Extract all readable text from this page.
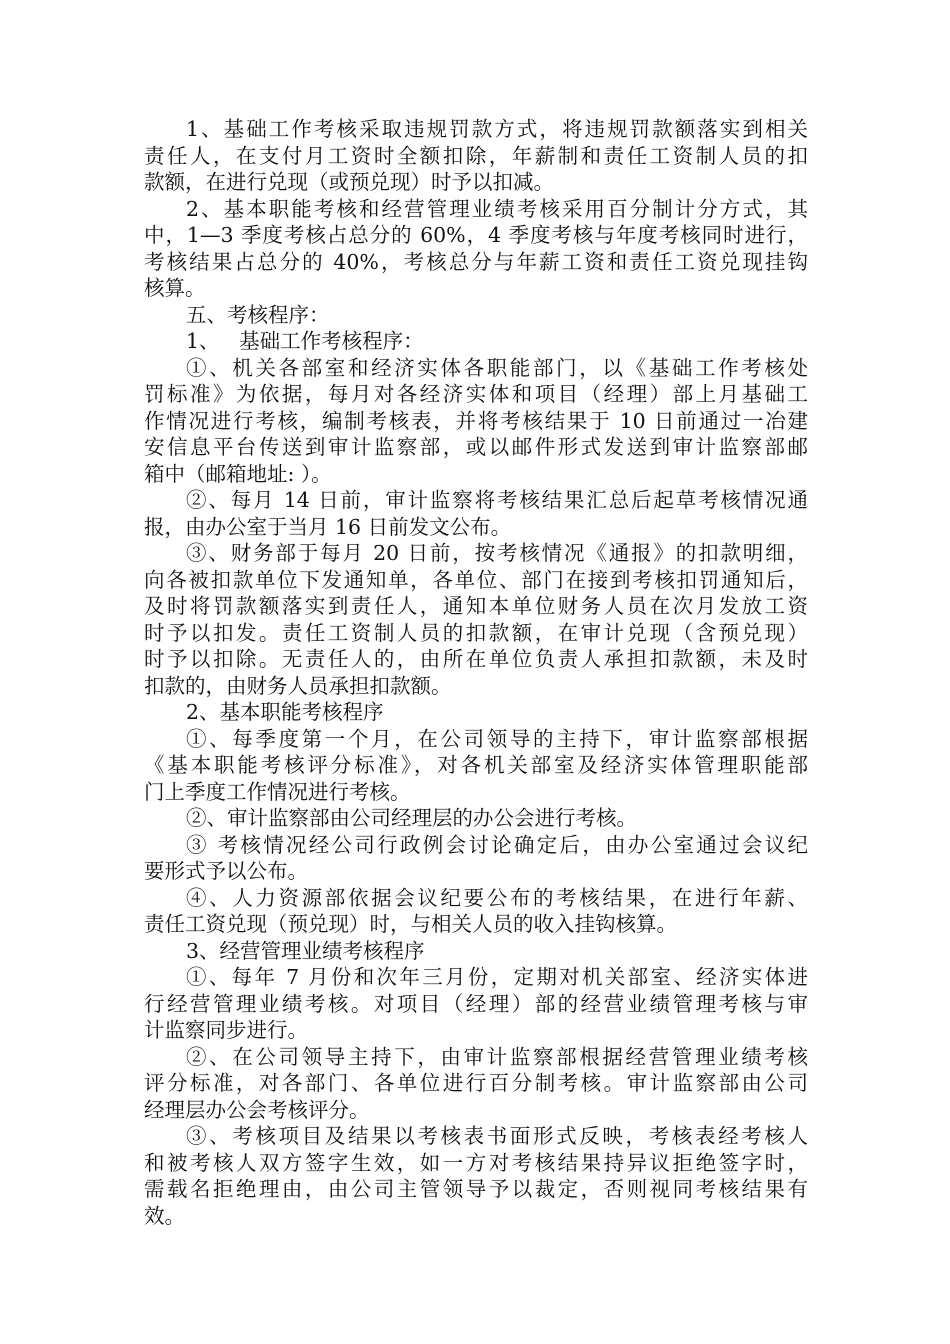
1、基础工作考核采取违规罚款方式，将违规罚款额落实到相关
责任人，在支付月工资时全额扣除，年薪制和责任工资制人员的扣
款额，在进行兑现（或预兑现）时予以扣减。
2、基本职能考核和经营管理业绩考核采用百分制计分方式，其
中，1—3 季度考核占总分的 60%，4 季度考核与年度考核同时进行，
考核结果占总分的 40%，考核总分与年薪工资和责任工资兑现挂钩
核算。
五、考核程序：
1、   基础工作考核程序：
①、机关各部室和经济实体各职能部门，以《基础工作考核处
罚标准》为依据，每月对各经济实体和项目（经理）部上月基础工
作情况进行考核，编制考核表，并将考核结果于 10 日前通过一冶建
安信息平台传送到审计监察部，或以邮件形式发送到审计监察部邮
箱中（邮箱地址: ）。
②、每月 14 日前，审计监察将考核结果汇总后起草考核情况通
报，由办公室于当月 16 日前发文公布。
③、财务部于每月 20 日前，按考核情况《通报》的扣款明细，
向各被扣款单位下发通知单，各单位、部门在接到考核扣罚通知后，
及时将罚款额落实到责任人，通知本单位财务人员在次月发放工资
时予以扣发。责任工资制人员的扣款额，在审计兑现（含预兑现）
时予以扣除。无责任人的，由所在单位负责人承担扣款额，未及时
扣款的，由财务人员承担扣款额。
2、基本职能考核程序
①、每季度第一个月，在公司领导的主持下，审计监察部根据
《基本职能考核评分标准》，对各机关部室及经济实体管理职能部
门上季度工作情况进行考核。
②、审计监察部由公司经理层的办公会进行考核。
③ 考核情况经公司行政例会讨论确定后，由办公室通过会议纪
要形式予以公布。
④、人力资源部依据会议纪要公布的考核结果，在进行年薪、
责任工资兑现（预兑现）时，与相关人员的收入挂钩核算。
3、经营管理业绩考核程序
①、每年 7 月份和次年三月份，定期对机关部室、经济实体进
行经营管理业绩考核。对项目（经理）部的经营业绩管理考核与审
计监察同步进行。
②、在公司领导主持下，由审计监察部根据经营管理业绩考核
评分标准，对各部门、各单位进行百分制考核。审计监察部由公司
经理层办公会考核评分。
③、考核项目及结果以考核表书面形式反映，考核表经考核人
和被考核人双方签字生效，如一方对考核结果持异议拒绝签字时，
需载名拒绝理由，由公司主管领导予以裁定，否则视同考核结果有
效。
